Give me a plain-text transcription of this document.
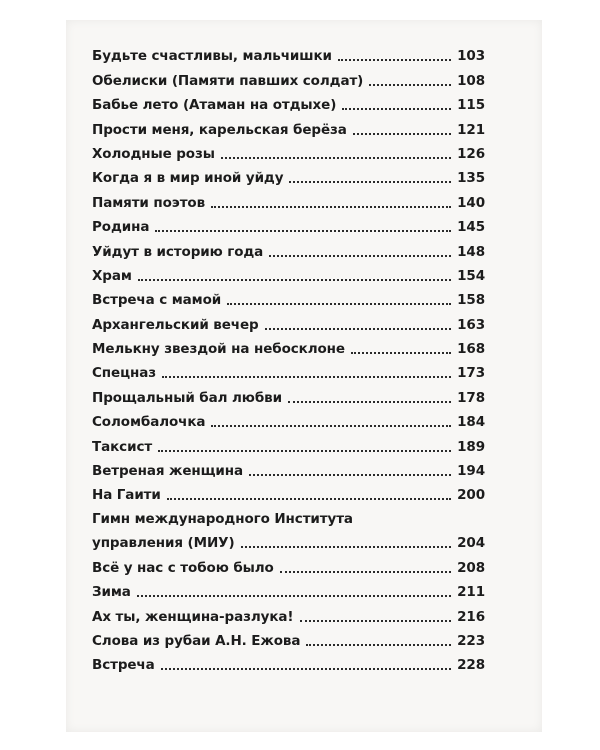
Будьте счастливы, мальчишки	103
Обелиски (Памяти павших солдат)	108
Бабье лето (Атаман на отдыхе)	115
Прости меня, карельская берёза	121
Холодные розы	126
Когда я в мир иной уйду	135
Памяти поэтов	140
Родина	145
Уйдут в историю года	148
Храм	154
Встреча с мамой	158
Архангельский вечер	163
Мелькну звездой на небосклоне	168
Спецназ	173
Прощальный бал любви	178
Соломбалочка	184
Таксист	189
Ветреная женщина	194
На Гаити	200
Гимн международного Института
управления (МИУ)	204
Всё у нас с тобою было	208
Зима	211
Ах ты, женщина-разлука!	216
Слова из рубаи А.Н. Ежова	223
Встреча	228
